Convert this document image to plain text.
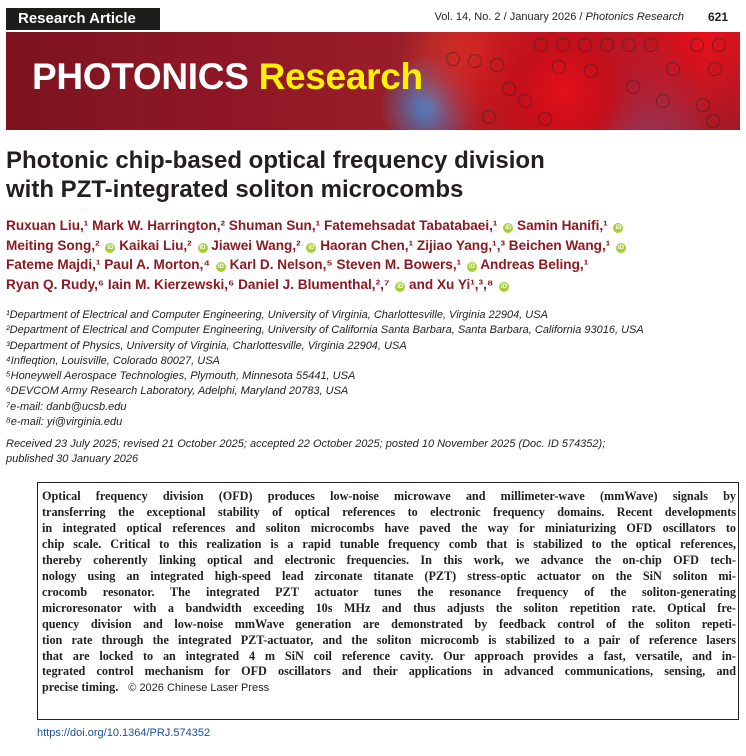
Research Article	Vol. 14, No. 2 / January 2026 / Photonics Research 621
PHOTONICS Research
Photonic chip-based optical frequency division
with PZT-integrated soliton microcombs
Ruxuan Liu,¹ Mark W. Harrington,² Shuman Sun,¹ Fatemehsadat Tabatabaei,¹ iD Samin Hanifi,¹ iD
Meiting Song,² iD Kaikai Liu,² iD Jiawei Wang,² iD Haoran Chen,¹ Zijiao Yang,¹,³ Beichen Wang,¹ iD
Fateme Majdi,¹ Paul A. Morton,⁴ iD Karl D. Nelson,⁵ Steven M. Bowers,¹ iD Andreas Beling,¹
Ryan Q. Rudy,⁶ Iain M. Kierzewski,⁶ Daniel J. Blumenthal,²,⁷ iD and Xu Yi¹,³,⁸ iD
¹Department of Electrical and Computer Engineering, University of Virginia, Charlottesville, Virginia 22904, USA
²Department of Electrical and Computer Engineering, University of California Santa Barbara, Santa Barbara, California 93016, USA
³Department of Physics, University of Virginia, Charlottesville, Virginia 22904, USA
⁴Infleqtion, Louisville, Colorado 80027, USA
⁵Honeywell Aerospace Technologies, Plymouth, Minnesota 55441, USA
⁶DEVCOM Army Research Laboratory, Adelphi, Maryland 20783, USA
⁷e-mail: danb@ucsb.edu
⁸e-mail: yi@virginia.edu
Received 23 July 2025; revised 21 October 2025; accepted 22 October 2025; posted 10 November 2025 (Doc. ID 574352);
published 30 January 2026
Optical frequency division (OFD) produces low-noise microwave and millimeter-wave (mmWave) signals by
transferring the exceptional stability of optical references to electronic frequency domains. Recent developments
in integrated optical references and soliton microcombs have paved the way for miniaturizing OFD oscillators to
chip scale. Critical to this realization is a rapid tunable frequency comb that is stabilized to the optical references,
thereby coherently linking optical and electronic frequencies. In this work, we advance the on-chip OFD tech-
nology using an integrated high-speed lead zirconate titanate (PZT) stress-optic actuator on the SiN soliton mi-
crocomb resonator. The integrated PZT actuator tunes the resonance frequency of the soliton-generating
microresonator with a bandwidth exceeding 10s MHz and thus adjusts the soliton repetition rate. Optical fre-
quency division and low-noise mmWave generation are demonstrated by feedback control of the soliton repeti-
tion rate through the integrated PZT-actuator, and the soliton microcomb is stabilized to a pair of reference lasers
that are locked to an integrated 4 m SiN coil reference cavity. Our approach provides a fast, versatile, and in-
tegrated control mechanism for OFD oscillators and their applications in advanced communications, sensing, and
precise timing. © 2026 Chinese Laser Press
https://doi.org/10.1364/PRJ.574352
